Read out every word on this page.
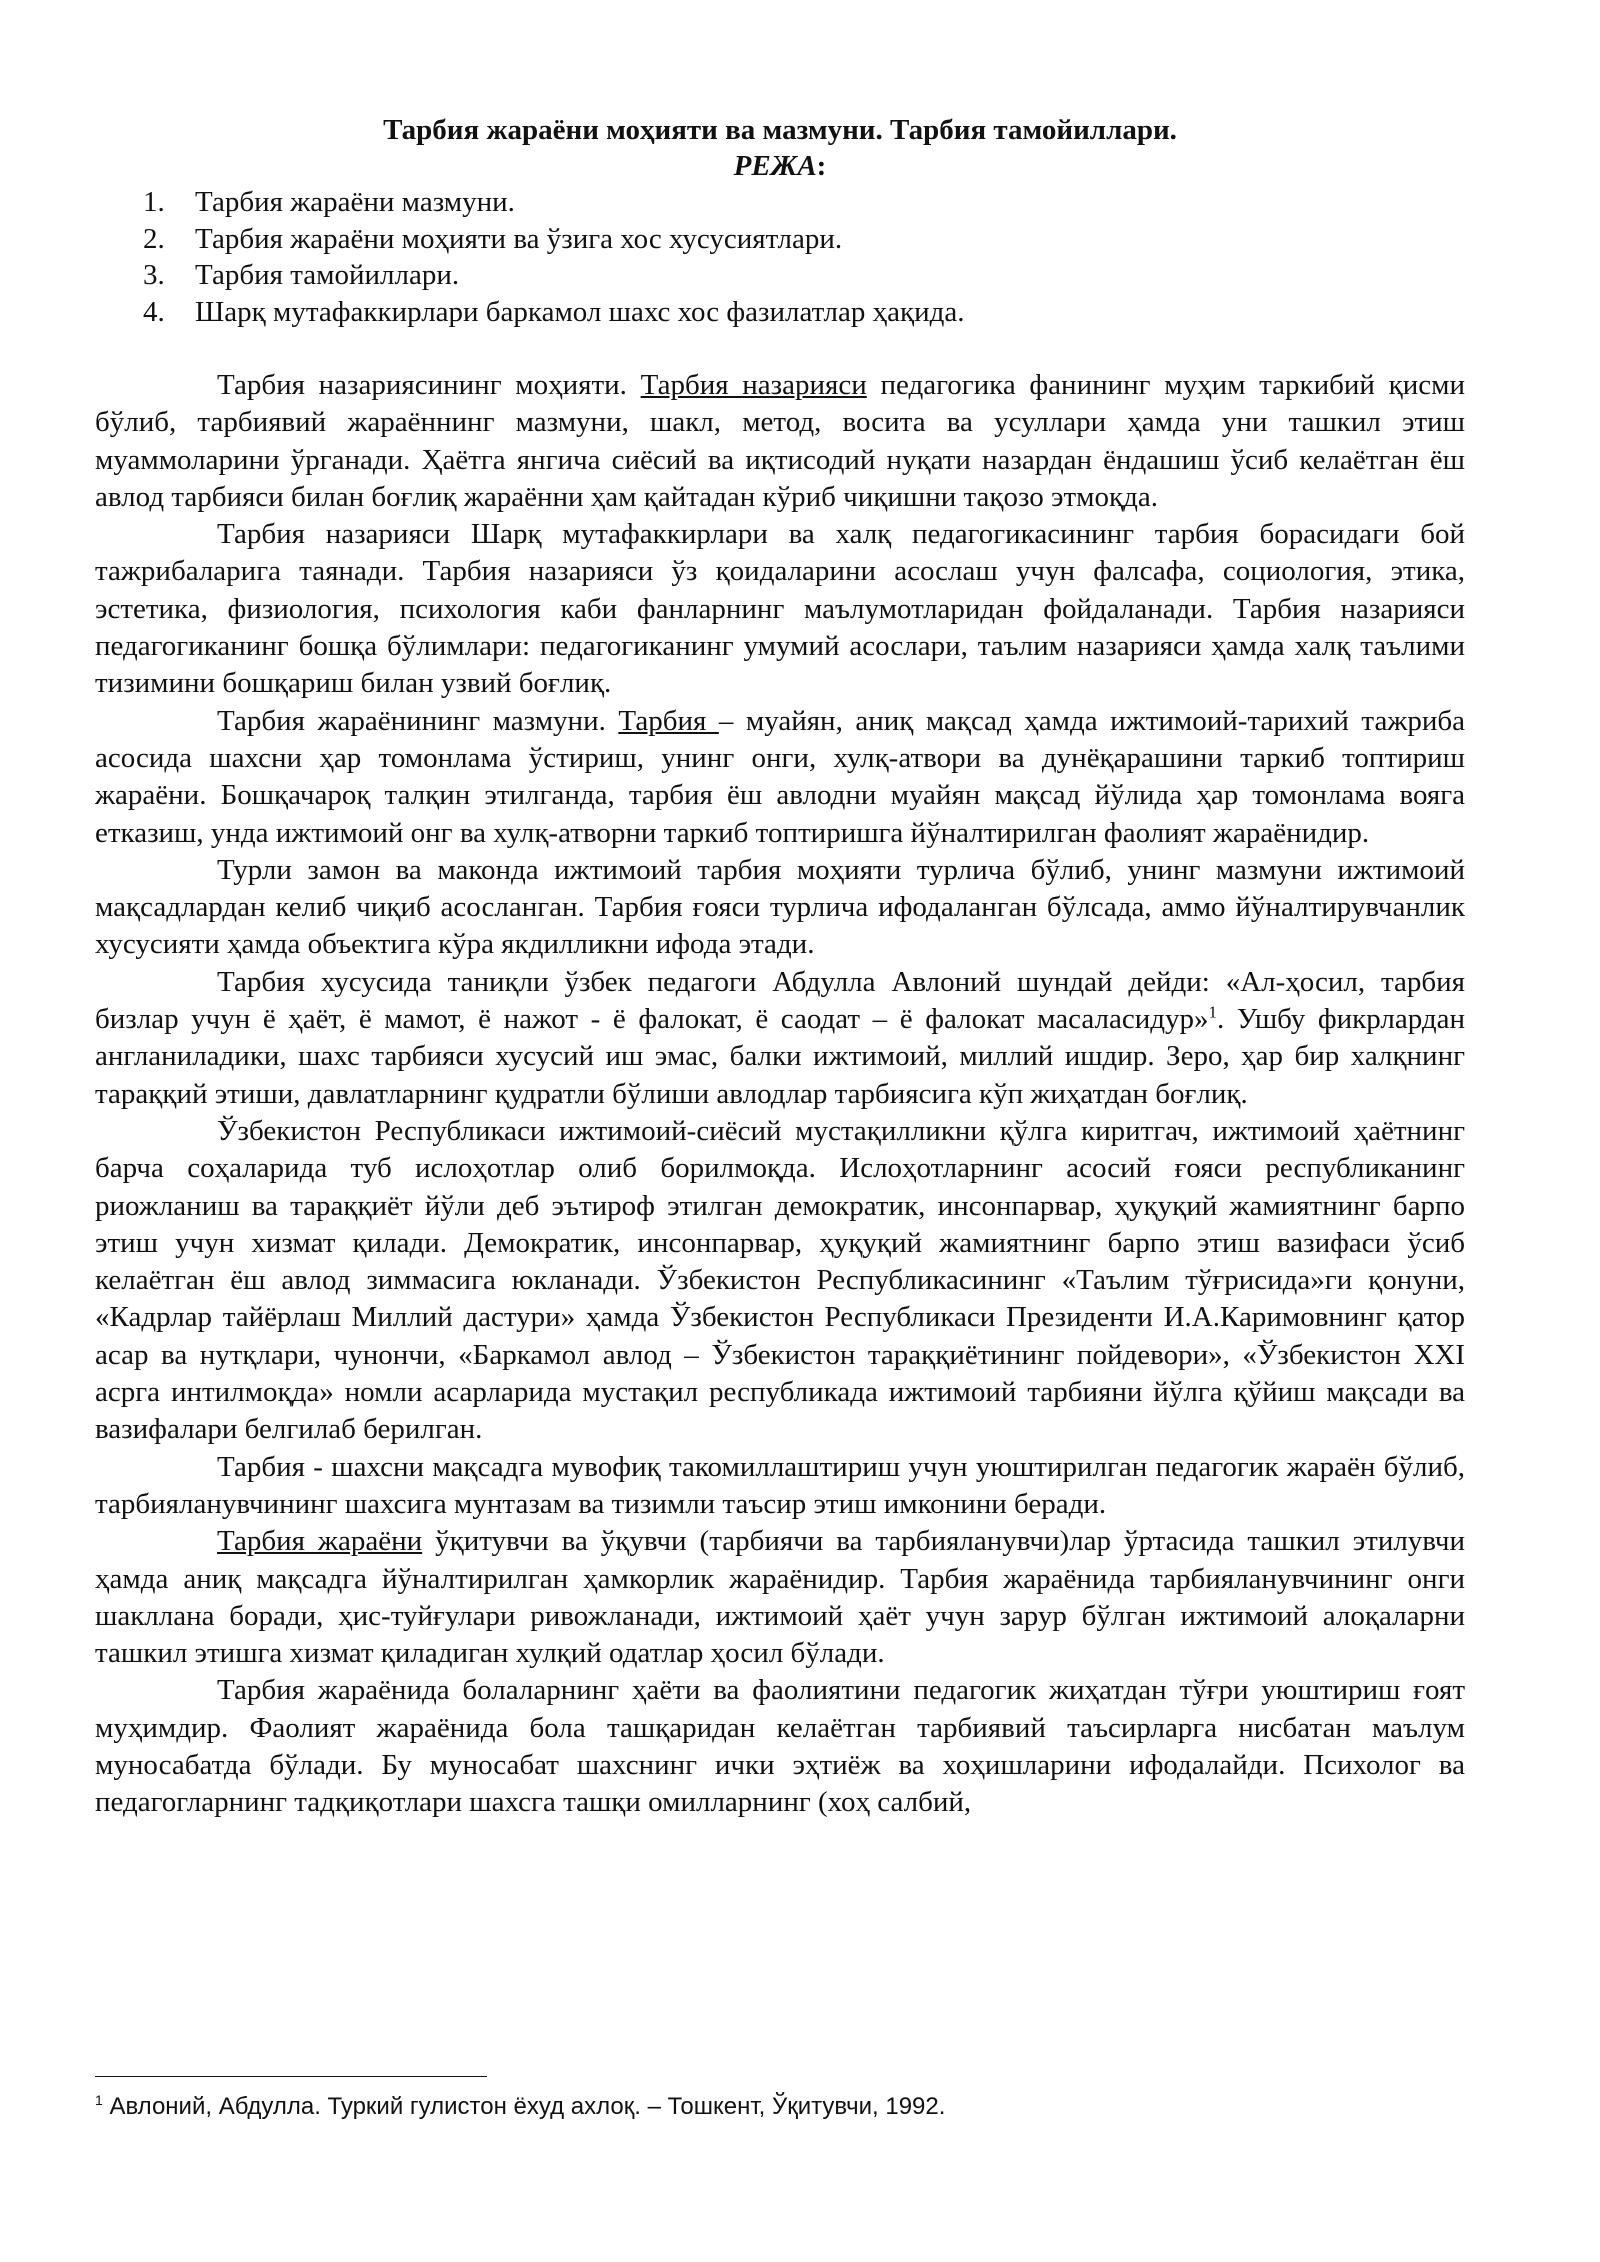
Тарбия жараёни моҳияти ва мазмуни. Тарбия тамойиллари.
РЕЖА:
1.	Тарбия жараёни мазмуни.
2.	Тарбия жараёни моҳияти ва ўзига хос хусусиятлари.
3.	Тарбия тамойиллари.
4.	Шарқ мутафаккирлари баркамол шахс хос фазилатлар ҳақида.

Тарбия назариясининг моҳияти. Тарбия назарияси педагогика фанининг муҳим таркибий қисми бўлиб, тарбиявий жараённинг мазмуни, шакл, метод, восита ва усуллари ҳамда уни ташкил этиш муаммоларини ўрганади. Ҳаётга янгича сиёсий ва иқтисодий нуқати назардан ёндашиш ўсиб келаётган ёш авлод тарбияси билан боғлиқ жараённи ҳам қайтадан кўриб чиқишни тақозо этмоқда.

Тарбия назарияси Шарқ мутафаккирлари ва халқ педагогикасининг тарбия борасидаги бой тажрибаларига таянади. Тарбия назарияси ўз қоидаларини асослаш учун фалсафа, социология, этика, эстетика, физиология, психология каби фанларнинг маълумотларидан фойдаланади. Тарбия назарияси педагогиканинг бошқа бўлимлари: педагогиканинг умумий асослари, таълим назарияси ҳамда халқ таълими тизимини бошқариш билан узвий боғлиқ.

Тарбия жараёнининг мазмуни. Тарбия – муайян, аниқ мақсад ҳамда ижтимоий-тарихий тажриба асосида шахсни ҳар томонлама ўстириш, унинг онги, хулқ-атвори ва дунёқарашини таркиб топтириш жараёни. Бошқачароқ талқин этилганда, тарбия ёш авлодни муайян мақсад йўлида ҳар томонлама вояга етказиш, унда ижтимоий онг ва хулқ-атворни таркиб топтиришга йўналтирилган фаолият жараёнидир.

Турли замон ва маконда ижтимоий тарбия моҳияти турлича бўлиб, унинг мазмуни ижтимоий мақсадлардан келиб чиқиб асосланган. Тарбия ғояси турлича ифодаланган бўлсада, аммо йўналтирувчанлик хусусияти ҳамда объектига кўра якдилликни ифода этади.

Тарбия хусусида таниқли ўзбек педагоги Абдулла Авлоний шундай дейди: «Ал-ҳосил, тарбия бизлар учун ё ҳаёт, ё мамот, ё нажот - ё фалокат, ё саодат – ё фалокат масаласидур»$^1$. Ушбу фикрлардан англаниладики, шахс тарбияси хусусий иш эмас, балки ижтимоий, миллий ишдир. Зеро, ҳар бир халқнинг тараққий этиши, давлатларнинг қудратли бўлиши авлодлар тарбиясига кўп жиҳатдан боғлиқ.

Ўзбекистон Республикаси ижтимоий-сиёсий мустақилликни қўлга киритгач, ижтимоий ҳаётнинг барча соҳаларида туб ислоҳотлар олиб борилмоқда. Ислоҳотларнинг асосий ғояси республиканинг риожланиш ва тараққиёт йўли деб эътироф этилган демократик, инсонпарвар, ҳуқуқий жамиятнинг барпо этиш учун хизмат қилади. Демократик, инсонпарвар, ҳуқуқий жамиятнинг барпо этиш вазифаси ўсиб келаётган ёш авлод зиммасига юкланади. Ўзбекистон Республикасининг «Таълим тўғрисида»ги қонуни, «Кадрлар тайёрлаш Миллий дастури» ҳамда Ўзбекистон Республикаси Президенти И.А.Каримовнинг қатор асар ва нутқлари, чунончи, «Баркамол авлод – Ўзбекистон тараққиётининг пойдевори», «Ўзбекистон XXI асрга интилмоқда» номли асарларида мустақил республикада ижтимоий тарбияни йўлга қўйиш мақсади ва вазифалари белгилаб берилган.

Тарбия - шахсни мақсадга мувофиқ такомиллаштириш учун уюштирилган педагогик жараён бўлиб, тарбияланувчининг шахсига мунтазам ва тизимли таъсир этиш имконини беради.

Тарбия жараёни ўқитувчи ва ўқувчи (тарбиячи ва тарбияланувчи)лар ўртасида ташкил этилувчи ҳамда аниқ мақсадга йўналтирилган ҳамкорлик жараёнидир. Тарбия жараёнида тарбияланувчининг онги шакллана боради, ҳис-туйғулари ривожланади, ижтимоий ҳаёт учун зарур бўлган ижтимоий алоқаларни ташкил этишга хизмат қиладиган хулқий одатлар ҳосил бўлади.

Тарбия жараёнида болаларнинг ҳаёти ва фаолиятини педагогик жиҳатдан тўғри уюштириш ғоят муҳимдир. Фаолият жараёнида бола ташқаридан келаётган тарбиявий таъсирларга нисбатан маълум муносабатда бўлади. Бу муносабат шахснинг ички эҳтиёж ва хоҳишларини ифодалайди. Психолог ва педагогларнинг тадқиқотлари шахсга ташқи омилларнинг (хоҳ салбий,

$^1$ Авлоний, Абдулла. Туркий гулистон ёхуд ахлоқ. – Тошкент, Ўқитувчи, 1992.
